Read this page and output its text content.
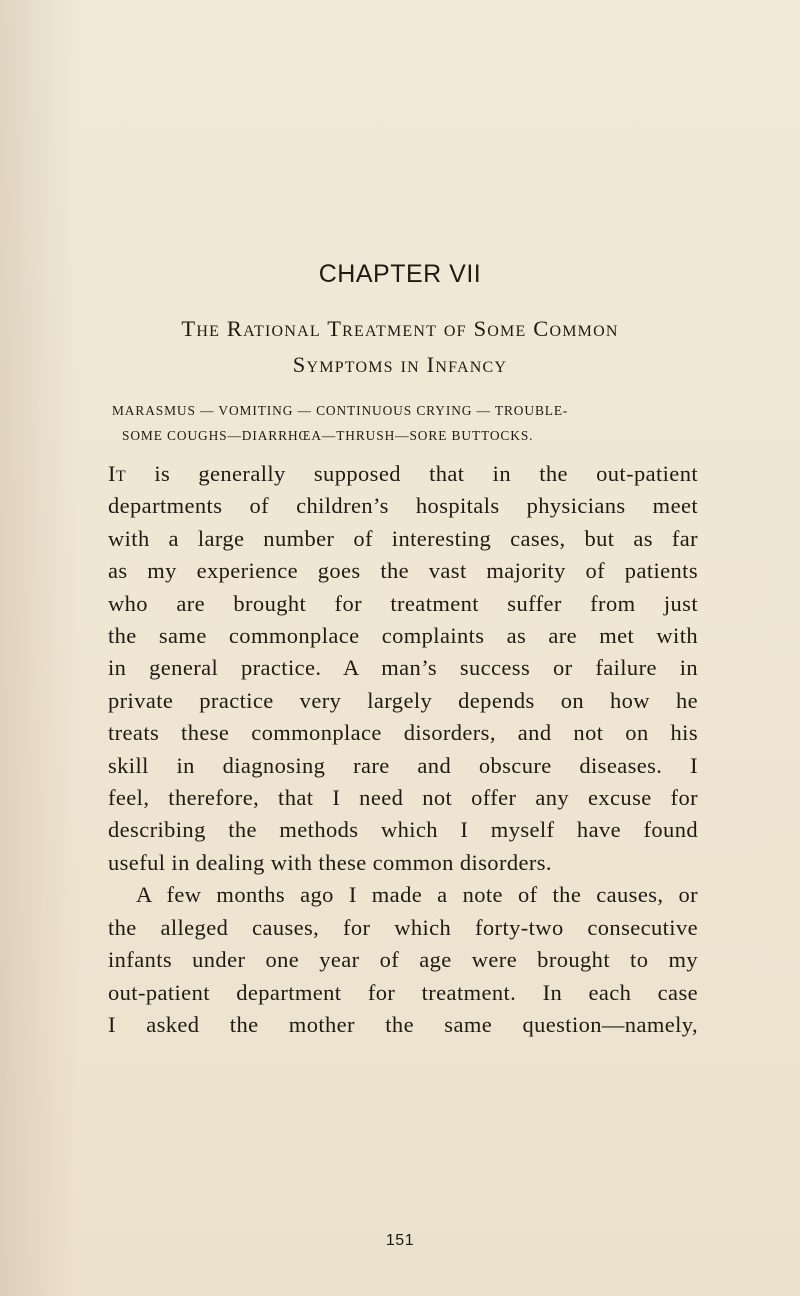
CHAPTER VII
The Rational Treatment of Some Common
Symptoms in Infancy
MARASMUS — VOMITING — CONTINUOUS CRYING — TROUBLE-
SOME COUGHS—DIARRHŒA—THRUSH—SORE BUTTOCKS.
It is generally supposed that in the out-patient
departments of children’s hospitals physicians meet
with a large number of interesting cases, but as far
as my experience goes the vast majority of patients
who are brought for treatment suffer from just
the same commonplace complaints as are met with
in general practice. A man’s success or failure in
private practice very largely depends on how he
treats these commonplace disorders, and not on his
skill in diagnosing rare and obscure diseases. I
feel, therefore, that I need not offer any excuse for
describing the methods which I myself have found
useful in dealing with these common disorders.
A few months ago I made a note of the causes, or
the alleged causes, for which forty-two consecutive
infants under one year of age were brought to my
out-patient department for treatment. In each case
I asked the mother the same question—namely,
151
